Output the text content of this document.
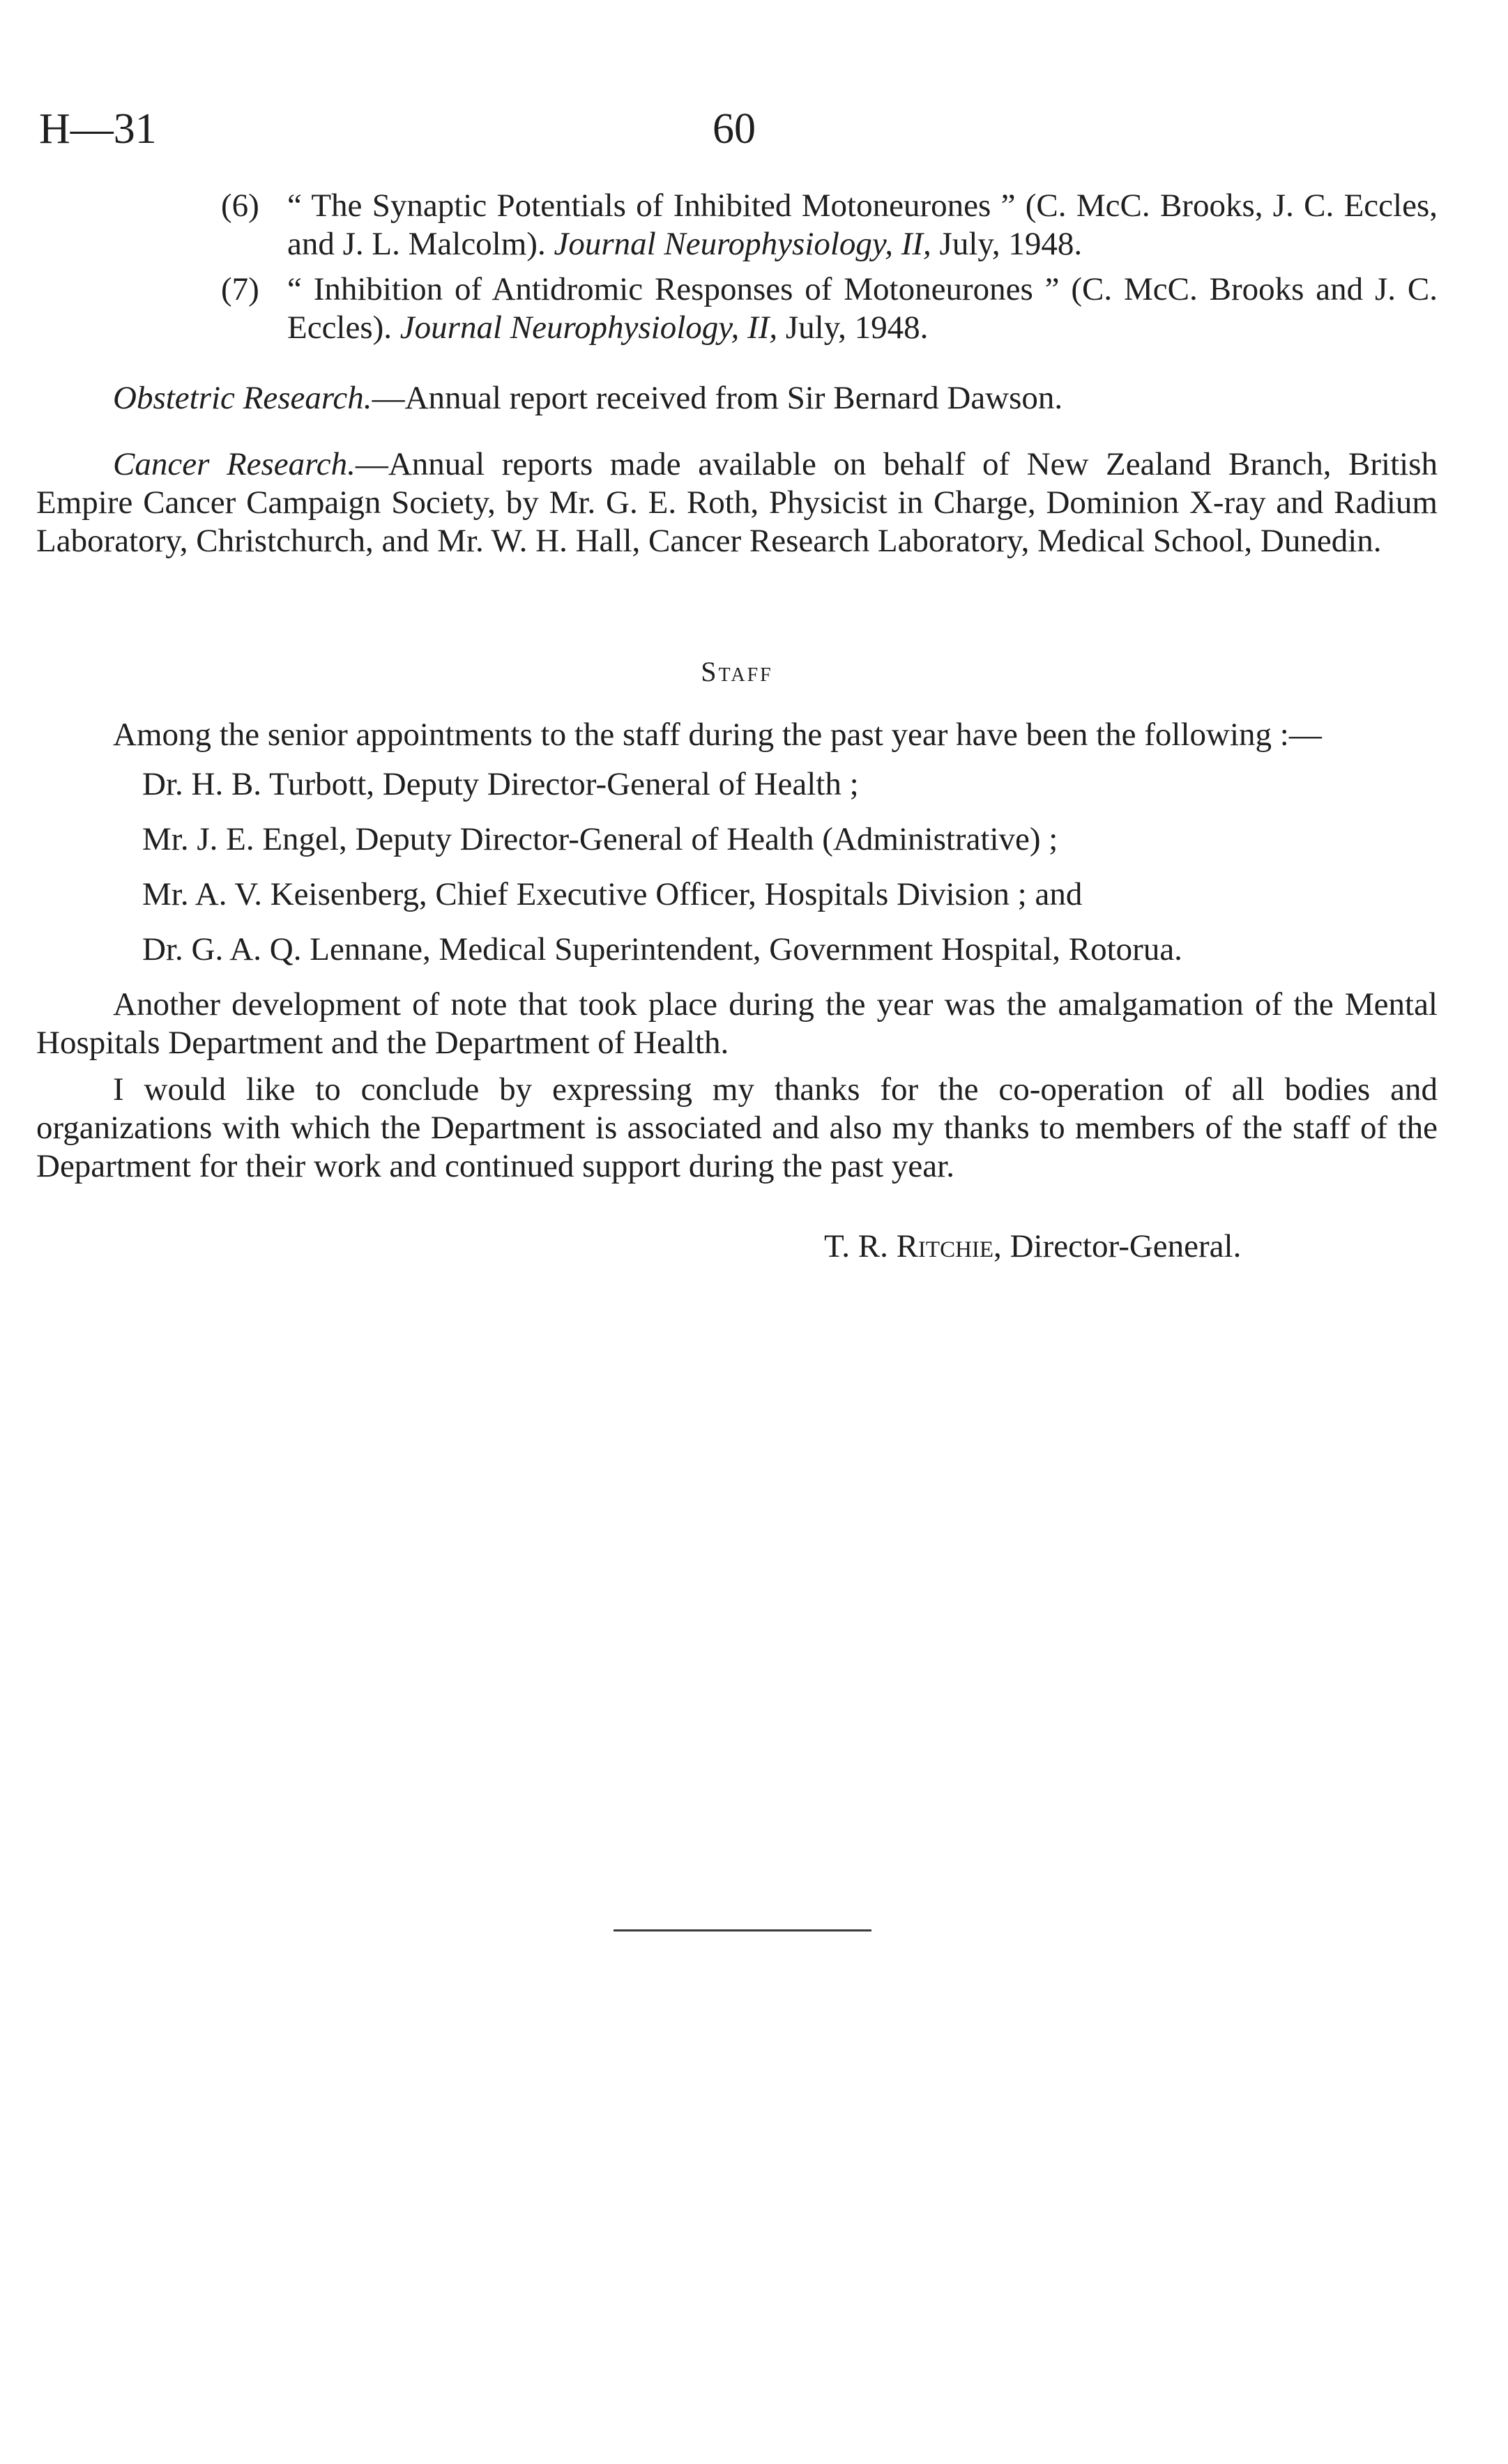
H—31	60

(6) “ The Synaptic Potentials of Inhibited Motoneurones ” (C. McC. Brooks, J. C. Eccles, and J. L. Malcolm). Journal Neurophysiology, II, July, 1948.

(7) “ Inhibition of Antidromic Responses of Motoneurones ” (C. McC. Brooks and J. C. Eccles). Journal Neurophysiology, II, July, 1948.

Obstetric Research.—Annual report received from Sir Bernard Dawson.

Cancer Research.—Annual reports made available on behalf of New Zealand Branch, British Empire Cancer Campaign Society, by Mr. G. E. Roth, Physicist in Charge, Dominion X-ray and Radium Laboratory, Christchurch, and Mr. W. H. Hall, Cancer Research Laboratory, Medical School, Dunedin.

Staff

Among the senior appointments to the staff during the past year have been the following :—

Dr. H. B. Turbott, Deputy Director-General of Health ;
Mr. J. E. Engel, Deputy Director-General of Health (Administrative) ;
Mr. A. V. Keisenberg, Chief Executive Officer, Hospitals Division ; and
Dr. G. A. Q. Lennane, Medical Superintendent, Government Hospital, Rotorua.

Another development of note that took place during the year was the amalgamation of the Mental Hospitals Department and the Department of Health.

I would like to conclude by expressing my thanks for the co-operation of all bodies and organizations with which the Department is associated and also my thanks to members of the staff of the Department for their work and continued support during the past year.

T. R. Ritchie, Director-General.
